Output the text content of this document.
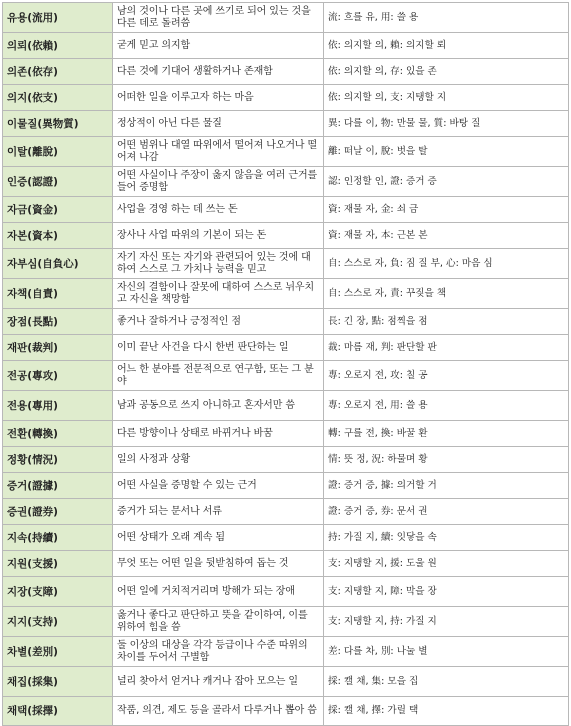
유용(流用)	남의 것이나 다른 곳에 쓰기로 되어 있는 것을 다른 데로 돌려씀	流: 흐를 유, 用: 쓸 용
의뢰(依賴)	굳게 믿고 의지함	依: 의지할 의, 賴: 의지할 뢰
의존(依存)	다른 것에 기대어 생활하거나 존재함	依: 의지할 의, 存: 있을 존
의지(依支)	어떠한 일을 이루고자 하는 마음	依: 의지할 의, 支: 지탱할 지
이물질(異物質)	정상적이 아닌 다른 물질	異: 다를 이, 物: 만물 물, 質: 바탕 질
이탈(離脫)	어떤 범위나 대열 따위에서 떨어져 나오거나 떨어져 나감	離: 떠날 이, 脫: 벗을 탈
인증(認證)	어떤 사실이나 주장이 옳지 않음을 여러 근거를 들어 증명함	認: 인정할 인, 證: 증거 증
자금(資金)	사업을 경영 하는 데 쓰는 돈	資: 재물 자, 金: 쇠 금
자본(資本)	장사나 사업 따위의 기본이 되는 돈	資: 재물 자, 本: 근본 본
자부심(自負心)	자기 자신 또는 자기와 관련되어 있는 것에 대하여 스스로 그 가치나 능력을 믿고	自: 스스로 자, 負: 짐 질 부, 心: 마음 심
자책(自責)	자신의 결함이나 잘못에 대하여 스스로 뉘우치고 자신을 책망함	自: 스스로 자, 責: 꾸짖을 책
장점(長點)	좋거나 잘하거나 긍정적인 점	長: 긴 장, 點: 점찍을 점
재판(裁判)	이미 끝난 사건을 다시 한번 판단하는 일	裁: 마름 재, 判: 판단할 판
전공(專攻)	어느 한 분야를 전문적으로 연구함, 또는 그 분야	專: 오로지 전, 攻: 칠 공
전용(專用)	남과 공동으로 쓰지 아니하고 혼자서만 씀	專: 오로지 전, 用: 쓸 용
전환(轉換)	다른 방향이나 상태로 바뀌거나 바꿈	轉: 구를 전, 換: 바꿀 환
정황(情況)	일의 사정과 상황	情: 뜻 정, 況: 하물며 황
증거(證據)	어떤 사실을 증명할 수 있는 근거	證: 증거 증, 據: 의거할 거
증권(證券)	증거가 되는 문서나 서류	證: 증거 증, 券: 문서 권
지속(持續)	어떤 상태가 오래 계속 됨	持: 가질 지, 續: 잇닿을 속
지원(支援)	무엇 또는 어떤 일을 뒷받침하여 돕는 것	支: 지탱할 지, 援: 도울 원
지장(支障)	어떤 일에 거치적거리며 방해가 되는 장애	支: 지탱할 지, 障: 막을 장
지지(支持)	옳거나 좋다고 판단하고 뜻을 같이하여, 이를 위하여 힘을 씀	支: 지탱할 지, 持: 가질 지
차별(差別)	둘 이상의 대상을 각각 등급이나 수준 따위의 차이를 두어서 구별함	差: 다를 차, 別: 나눌 별
채집(採集)	널리 찾아서 얻거나 캐거나 잡아 모으는 일	採: 캘 채, 集: 모을 집
채택(採擇)	작품, 의견, 제도 등을 골라서 다루거나 뽑아 씀	採: 캘 채, 擇: 가릴 택
